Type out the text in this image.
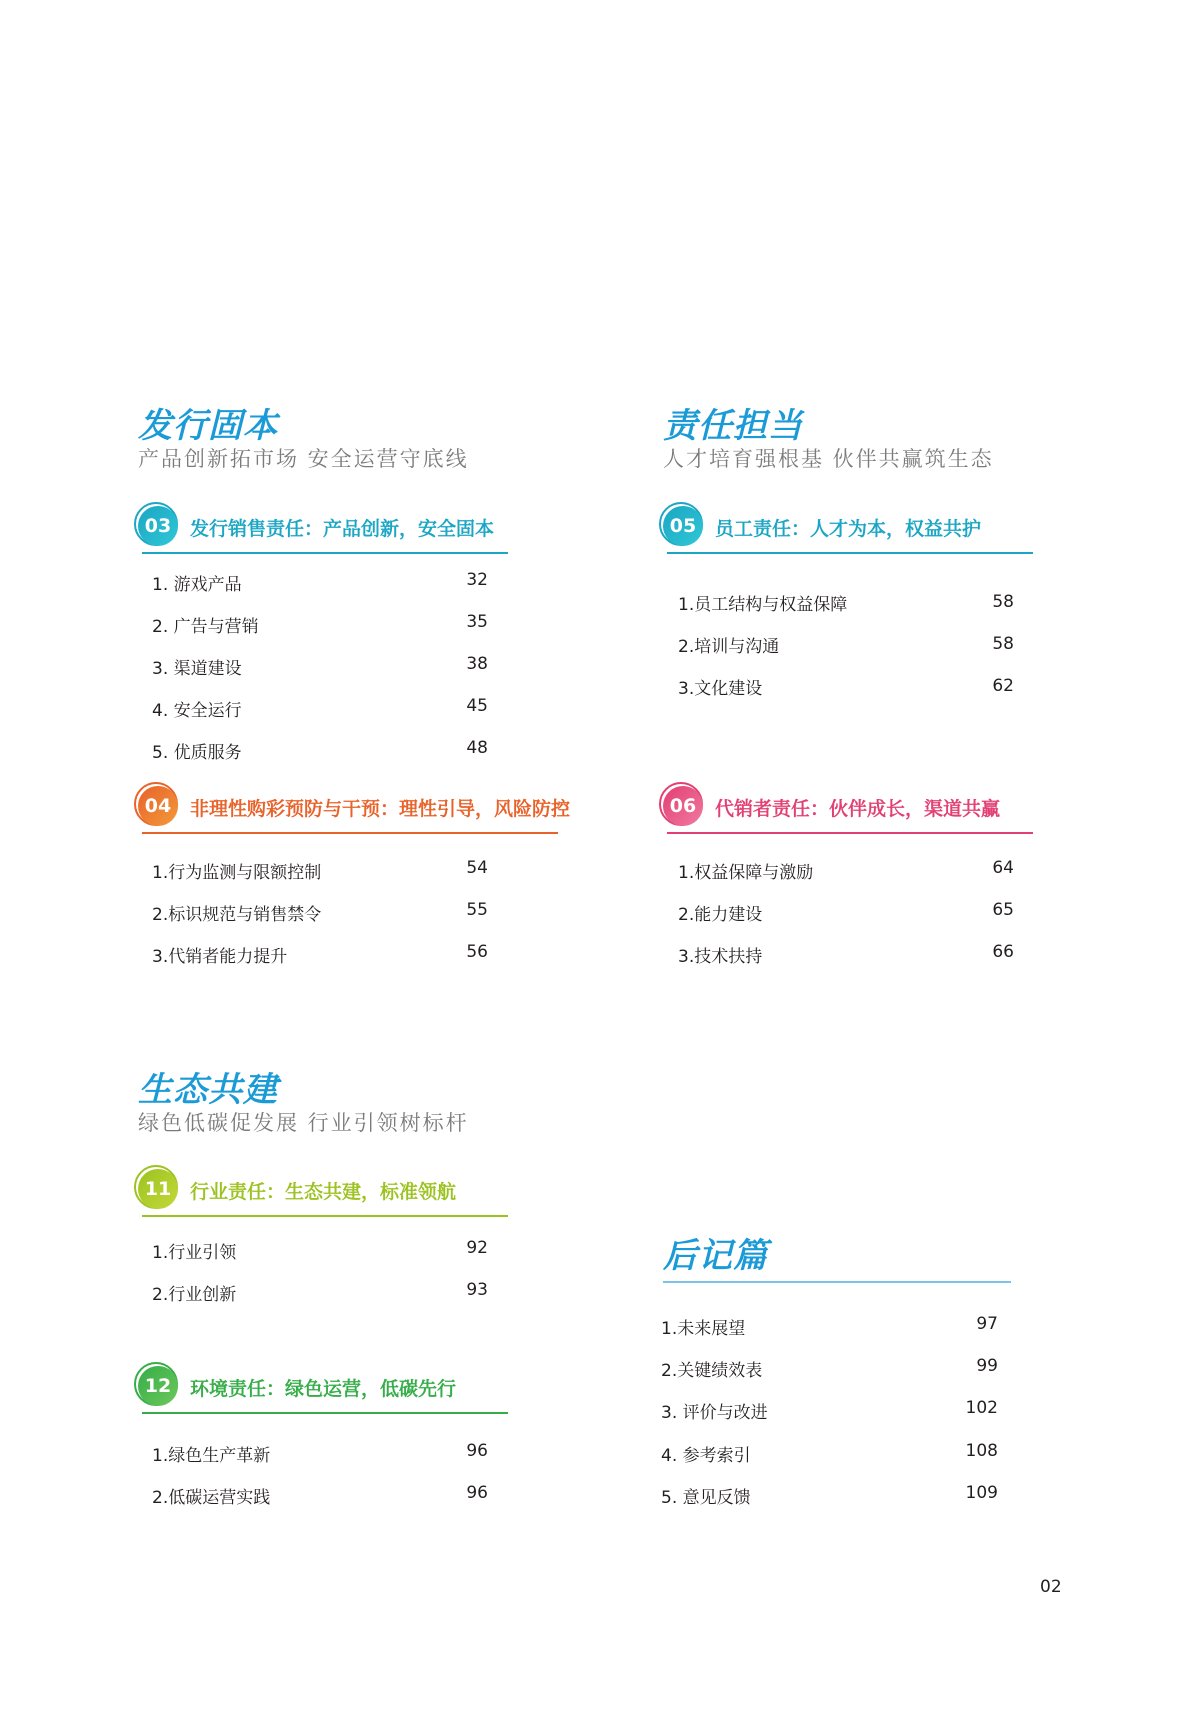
发行固本
产品创新拓市场 安全运营守底线
责任担当
人才培育强根基 伙伴共赢筑生态
生态共建
绿色低碳促发展 行业引领树标杆
03 发行销售责任：产品创新，安全固本
1. 游戏产品	32
2. 广告与营销	35
3. 渠道建设	38
4. 安全运行	45
5. 优质服务	48
04 非理性购彩预防与干预：理性引导，风险防控
1.行为监测与限额控制	54
2.标识规范与销售禁令	55
3.代销者能力提升	56
05 员工责任：人才为本，权益共护
1.员工结构与权益保障	58
2.培训与沟通	58
3.文化建设	62
06 代销者责任：伙伴成长，渠道共赢
1.权益保障与激励	64
2.能力建设	65
3.技术扶持	66
11 行业责任：生态共建，标准领航
1.行业引领	92
2.行业创新	93
12 环境责任：绿色运营，低碳先行
1.绿色生产革新	96
2.低碳运营实践	96
后记篇
1.未来展望	97
2.关键绩效表	99
3. 评价与改进	102
4. 参考索引	108
5. 意见反馈	109
02
